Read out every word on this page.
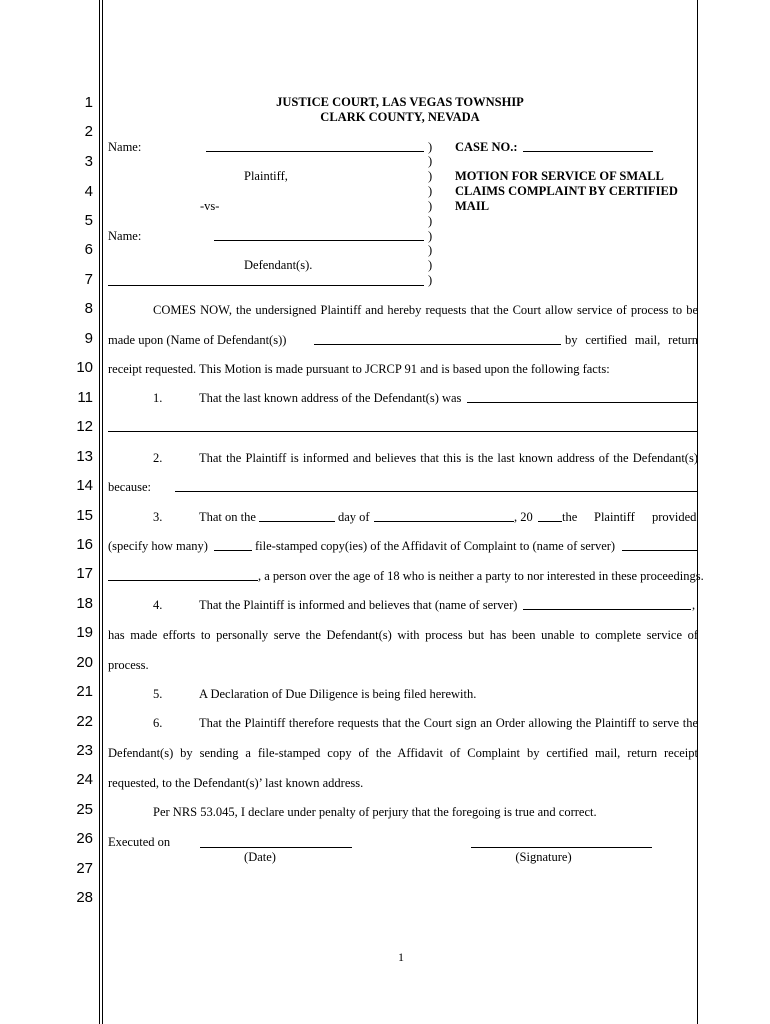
1
2
3
4
5
6
7
8
9
10
11
12
13
14
15
16
17
18
19
20
21
22
23
24
25
26
27
28
JUSTICE COURT, LAS VEGAS TOWNSHIP
CLARK COUNTY, NEVADA
Name:
Plaintiff,
-vs-
Name:
Defendant(s).
)
)
)
)
)
)
)
)
)
)
CASE NO.:
MOTION FOR SERVICE OF SMALL
CLAIMS COMPLAINT BY CERTIFIED
MAIL
COMES NOW, the undersigned Plaintiff and hereby requests that the Court allow service of process to be
made upon (Name of Defendant(s))	by certified mail, return
receipt requested. This Motion is made pursuant to JCRCP 91 and is based upon the following facts:
1.	That the last known address of the Defendant(s) was
2.	That the Plaintiff is informed and believes that this is the last known address of the Defendant(s)
because:
3.	That on the	day of	, 20 the Plaintiff provided
(specify how many)	file-stamped copy(ies) of the Affidavit of Complaint to (name of server)
, a person over the age of 18 who is neither a party to nor interested in these proceedings.
4.	That the Plaintiff is informed and believes that (name of server)	,
has made efforts to personally serve the Defendant(s) with process but has been unable to complete service of
process.
5.	A Declaration of Due Diligence is being filed herewith.
6.	That the Plaintiff therefore requests that the Court sign an Order allowing the Plaintiff to serve the
Defendant(s) by sending a file-stamped copy of the Affidavit of Complaint by certified mail, return receipt
requested, to the Defendant(s)’ last known address.
Per NRS 53.045, I declare under penalty of perjury that the foregoing is true and correct.
Executed on
(Date)	(Signature)
1
